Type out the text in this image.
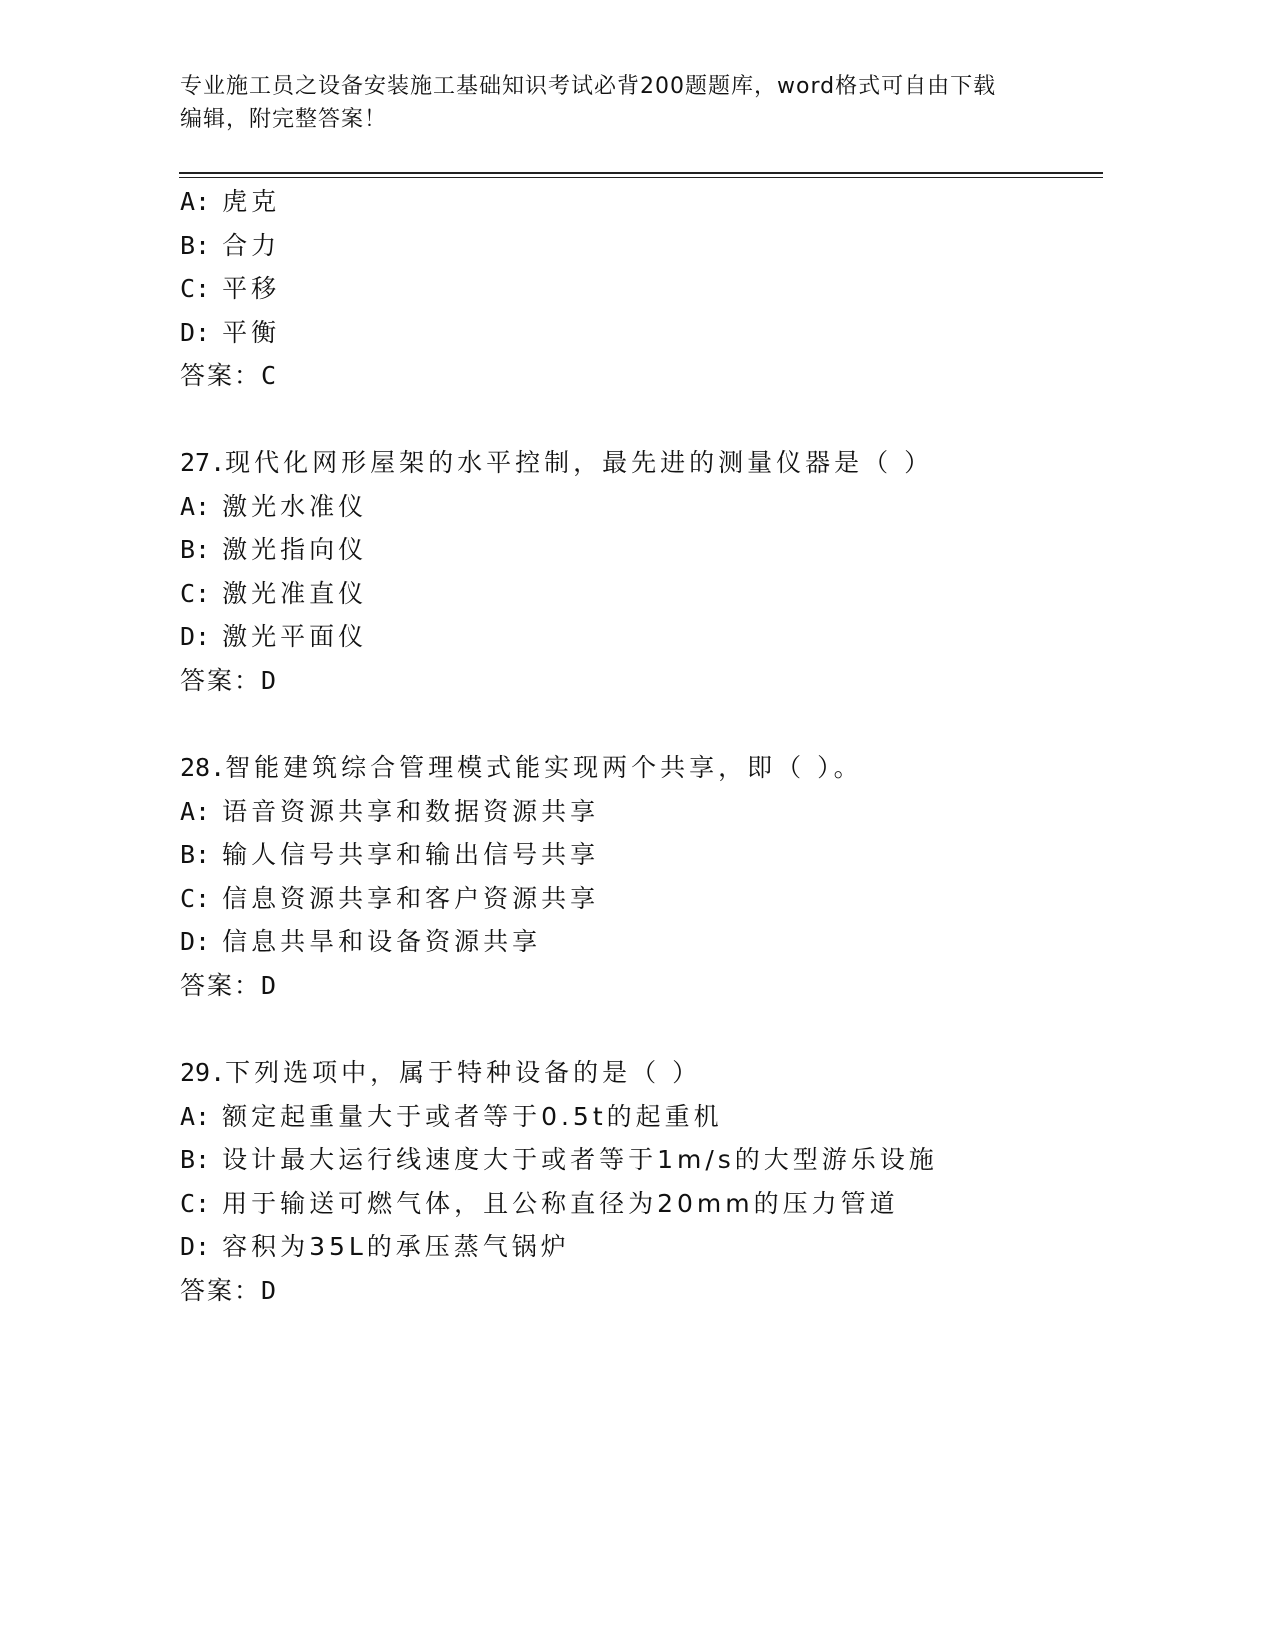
专业施工员之设备安装施工基础知识考试必背200题题库，word格式可自由下载
编辑，附完整答案！
A: 虎克
B: 合力
C: 平移
D: 平衡
答案：C
27.现代化网形屋架的水平控制，最先进的测量仪器是（ ）
A: 激光水准仪
B: 激光指向仪
C: 激光准直仪
D: 激光平面仪
答案：D
28.智能建筑综合管理模式能实现两个共享，即（ ）。
A: 语音资源共享和数据资源共享
B: 输人信号共享和输出信号共享
C: 信息资源共享和客户资源共享
D: 信息共旱和设备资源共享
答案：D
29.下列选项中，属于特种设备的是（ ）
A: 额定起重量大于或者等于0.5t的起重机
B: 设计最大运行线速度大于或者等于1m/s的大型游乐设施
C: 用于输送可燃气体，且公称直径为20mm的压力管道
D: 容积为35L的承压蒸气锅炉
答案：D
